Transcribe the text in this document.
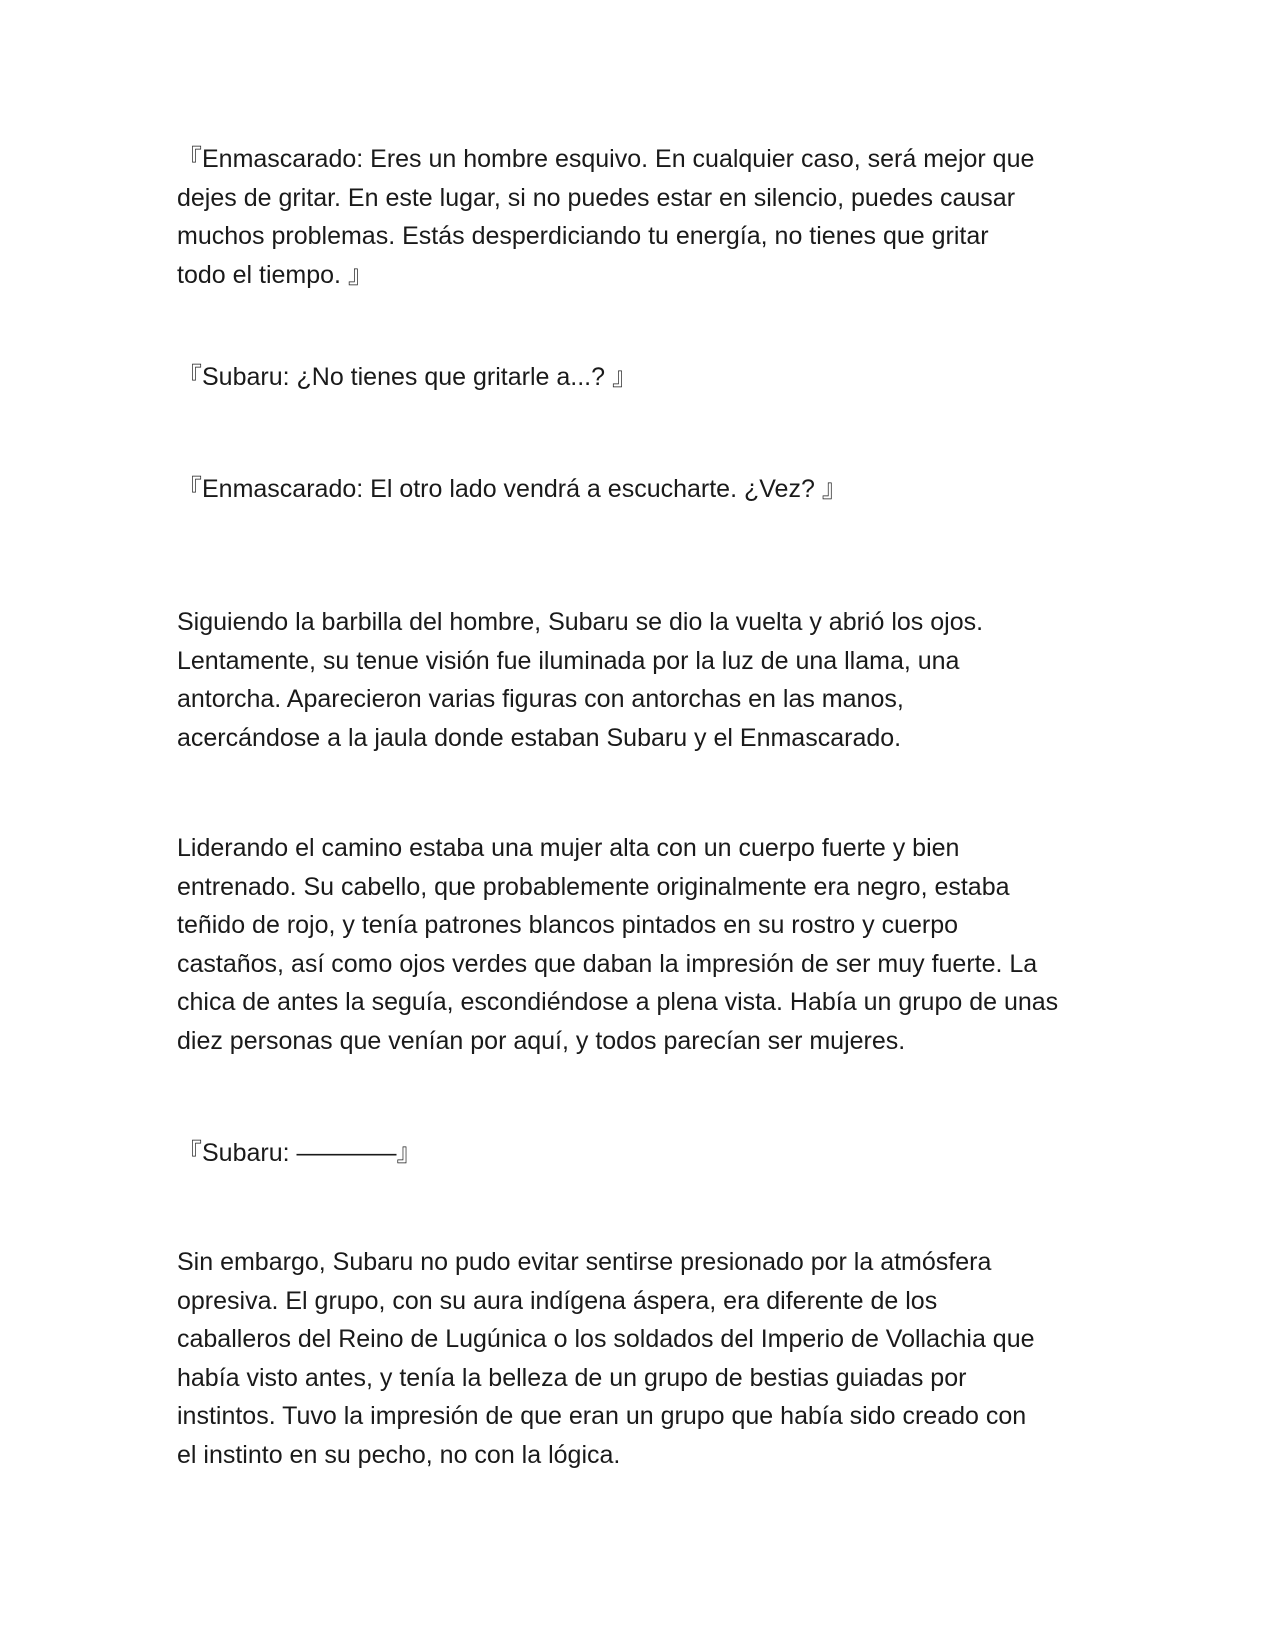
『Enmascarado: Eres un hombre esquivo. En cualquier caso, será mejor que
dejes de gritar. En este lugar, si no puedes estar en silencio, puedes causar
muchos problemas. Estás desperdiciando tu energía, no tienes que gritar
todo el tiempo. 』
『Subaru: ¿No tienes que gritarle a...? 』
『Enmascarado: El otro lado vendrá a escucharte. ¿Vez? 』
Siguiendo la barbilla del hombre, Subaru se dio la vuelta y abrió los ojos.
Lentamente, su tenue visión fue iluminada por la luz de una llama, una
antorcha. Aparecieron varias figuras con antorchas en las manos,
acercándose a la jaula donde estaban Subaru y el Enmascarado.
Liderando el camino estaba una mujer alta con un cuerpo fuerte y bien
entrenado. Su cabello, que probablemente originalmente era negro, estaba
teñido de rojo, y tenía patrones blancos pintados en su rostro y cuerpo
castaños, así como ojos verdes que daban la impresión de ser muy fuerte. La
chica de antes la seguía, escondiéndose a plena vista. Había un grupo de unas
diez personas que venían por aquí, y todos parecían ser mujeres.
『Subaru: ————』
Sin embargo, Subaru no pudo evitar sentirse presionado por la atmósfera
opresiva. El grupo, con su aura indígena áspera, era diferente de los
caballeros del Reino de Lugúnica o los soldados del Imperio de Vollachia que
había visto antes, y tenía la belleza de un grupo de bestias guiadas por
instintos. Tuvo la impresión de que eran un grupo que había sido creado con
el instinto en su pecho, no con la lógica.
